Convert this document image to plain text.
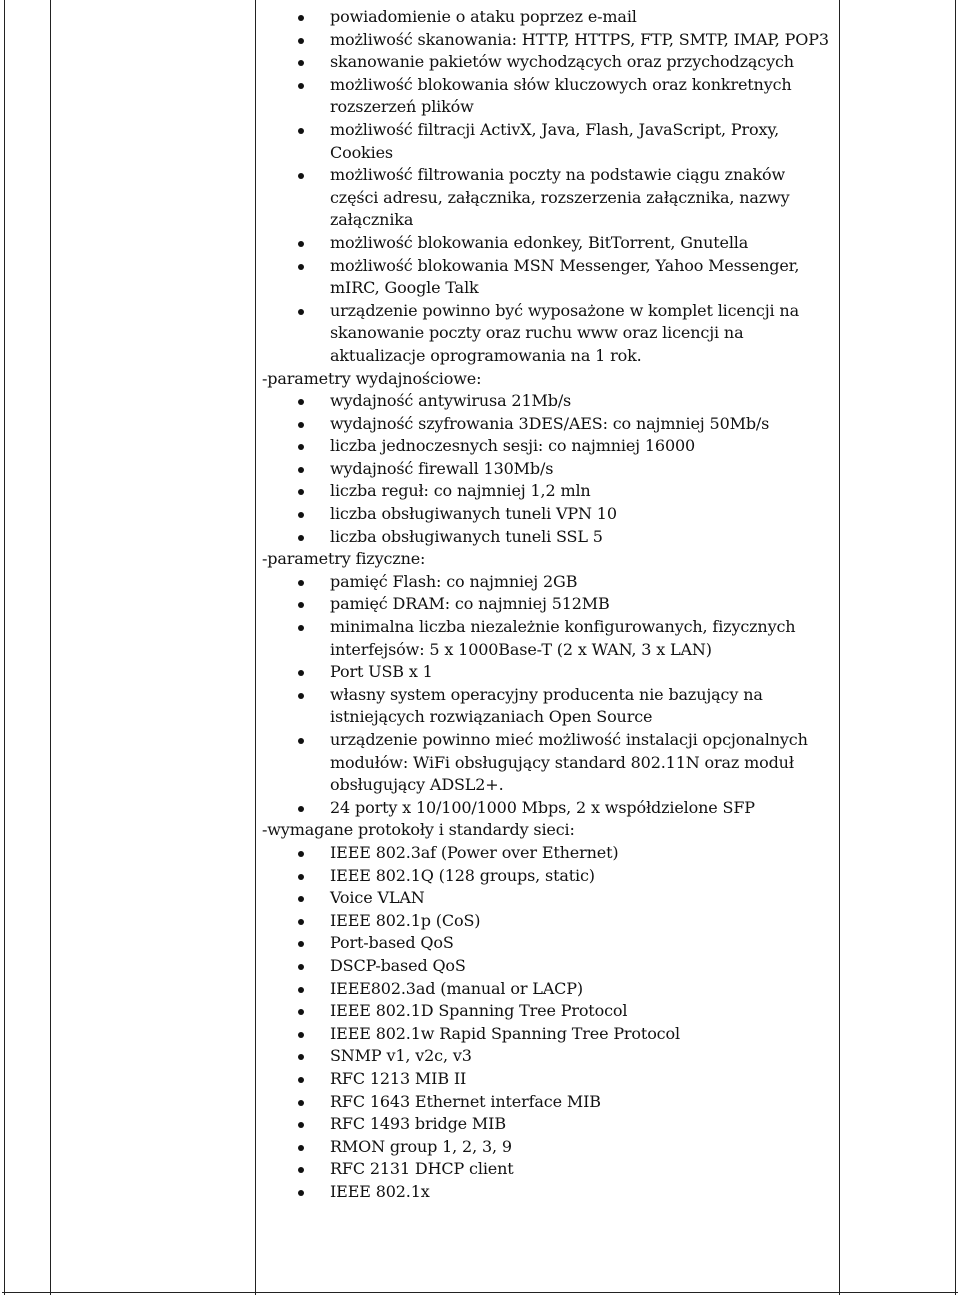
powiadomienie o ataku poprzez e-mail
możliwość skanowania: HTTP, HTTPS, FTP, SMTP, IMAP, POP3
skanowanie pakietów wychodzących oraz przychodzących
możliwość blokowania słów kluczowych oraz konkretnych rozszerzeń plików
możliwość filtracji ActivX, Java, Flash, JavaScript, Proxy, Cookies
możliwość filtrowania poczty na podstawie ciągu znaków części adresu, załącznika, rozszerzenia załącznika, nazwy załącznika
możliwość blokowania edonkey, BitTorrent, Gnutella
możliwość blokowania MSN Messenger, Yahoo Messenger, mIRC, Google Talk
urządzenie powinno być wyposażone w komplet licencji na skanowanie poczty oraz ruchu www oraz licencji na aktualizacje oprogramowania na 1 rok.

-parametry wydajnościowe:

wydajność antywirusa 21Mb/s
wydajność szyfrowania 3DES/AES: co najmniej 50Mb/s
liczba jednoczesnych sesji: co najmniej 16000
wydajność firewall 130Mb/s
liczba reguł: co najmniej 1,2 mln
liczba obsługiwanych tuneli VPN 10
liczba obsługiwanych tuneli SSL 5

-parametry fizyczne:

pamięć Flash: co najmniej 2GB
pamięć DRAM: co najmniej 512MB
minimalna liczba niezależnie konfigurowanych, fizycznych interfejsów: 5 x 1000Base-T (2 x WAN, 3 x LAN)
Port USB x 1
własny system operacyjny producenta nie bazujący na istniejących rozwiązaniach Open Source
urządzenie powinno mieć możliwość instalacji opcjonalnych modułów: WiFi obsługujący standard 802.11N oraz moduł obsługujący ADSL2+.
24 porty x 10/100/1000 Mbps, 2 x współdzielone SFP

-wymagane protokoły i standardy sieci:

IEEE 802.3af (Power over Ethernet)
IEEE 802.1Q (128 groups, static)
Voice VLAN
IEEE 802.1p (CoS)
Port-based QoS
DSCP-based QoS
IEEE802.3ad (manual or LACP)
IEEE 802.1D Spanning Tree Protocol
IEEE 802.1w Rapid Spanning Tree Protocol
SNMP v1, v2c, v3
RFC 1213 MIB II
RFC 1643 Ethernet interface MIB
RFC 1493 bridge MIB
RMON group 1, 2, 3, 9
RFC 2131 DHCP client
IEEE 802.1x
